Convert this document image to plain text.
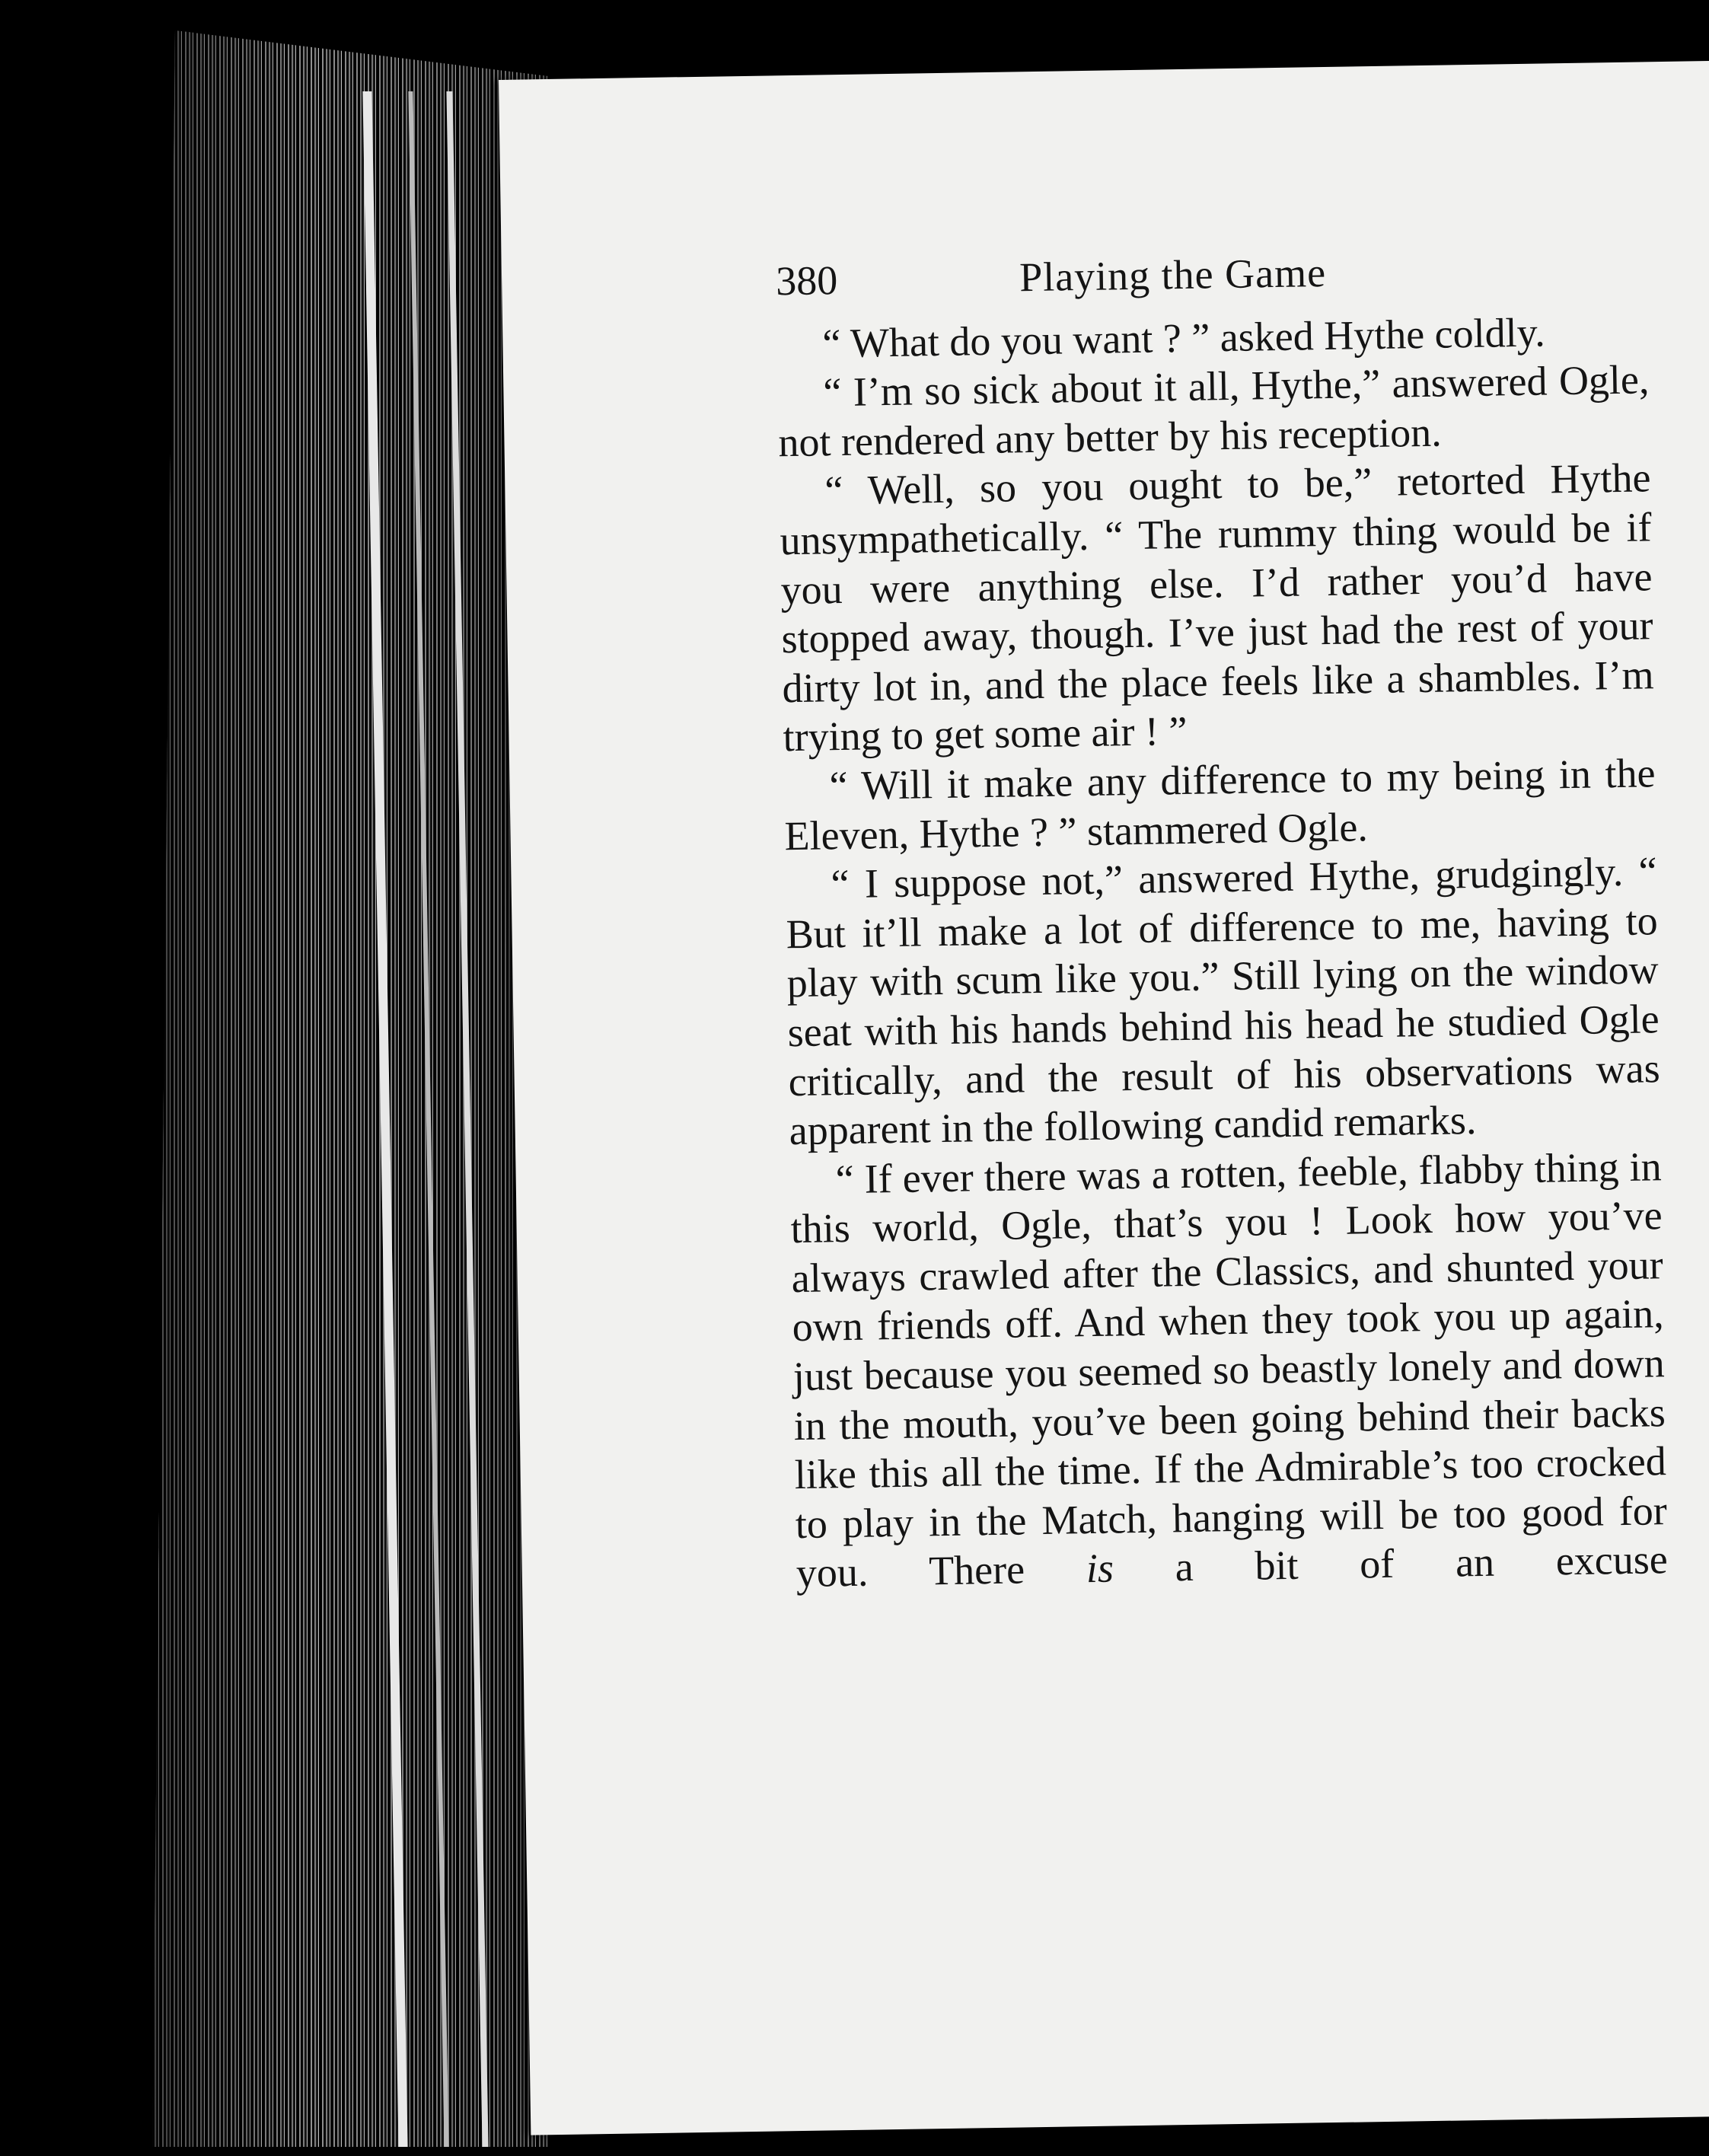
380	Playing the Game

“ What do you want ? ” asked Hythe coldly.

“ I’m so sick about it all, Hythe,” answered Ogle, not rendered any better by his reception.

“ Well, so you ought to be,” retorted Hythe unsympathetically. “ The rummy thing would be if you were anything else. I’d rather you’d have stopped away, though. I’ve just had the rest of your dirty lot in, and the place feels like a shambles. I’m trying to get some air ! ”

“ Will it make any difference to my being in the Eleven, Hythe ? ” stammered Ogle.

“ I suppose not,” answered Hythe, grudgingly. “ But it’ll make a lot of difference to me, having to play with scum like you.” Still lying on the window seat with his hands behind his head he studied Ogle critically, and the result of his observations was apparent in the following candid remarks.

“ If ever there was a rotten, feeble, flabby thing in this world, Ogle, that’s you ! Look how you’ve always crawled after the Classics, and shunted your own friends off. And when they took you up again, just because you seemed so beastly lonely and down in the mouth, you’ve been going behind their backs like this all the time. If the Admirable’s too crocked to play in the Match, hanging will be too good for you. There is a bit of an excuse
